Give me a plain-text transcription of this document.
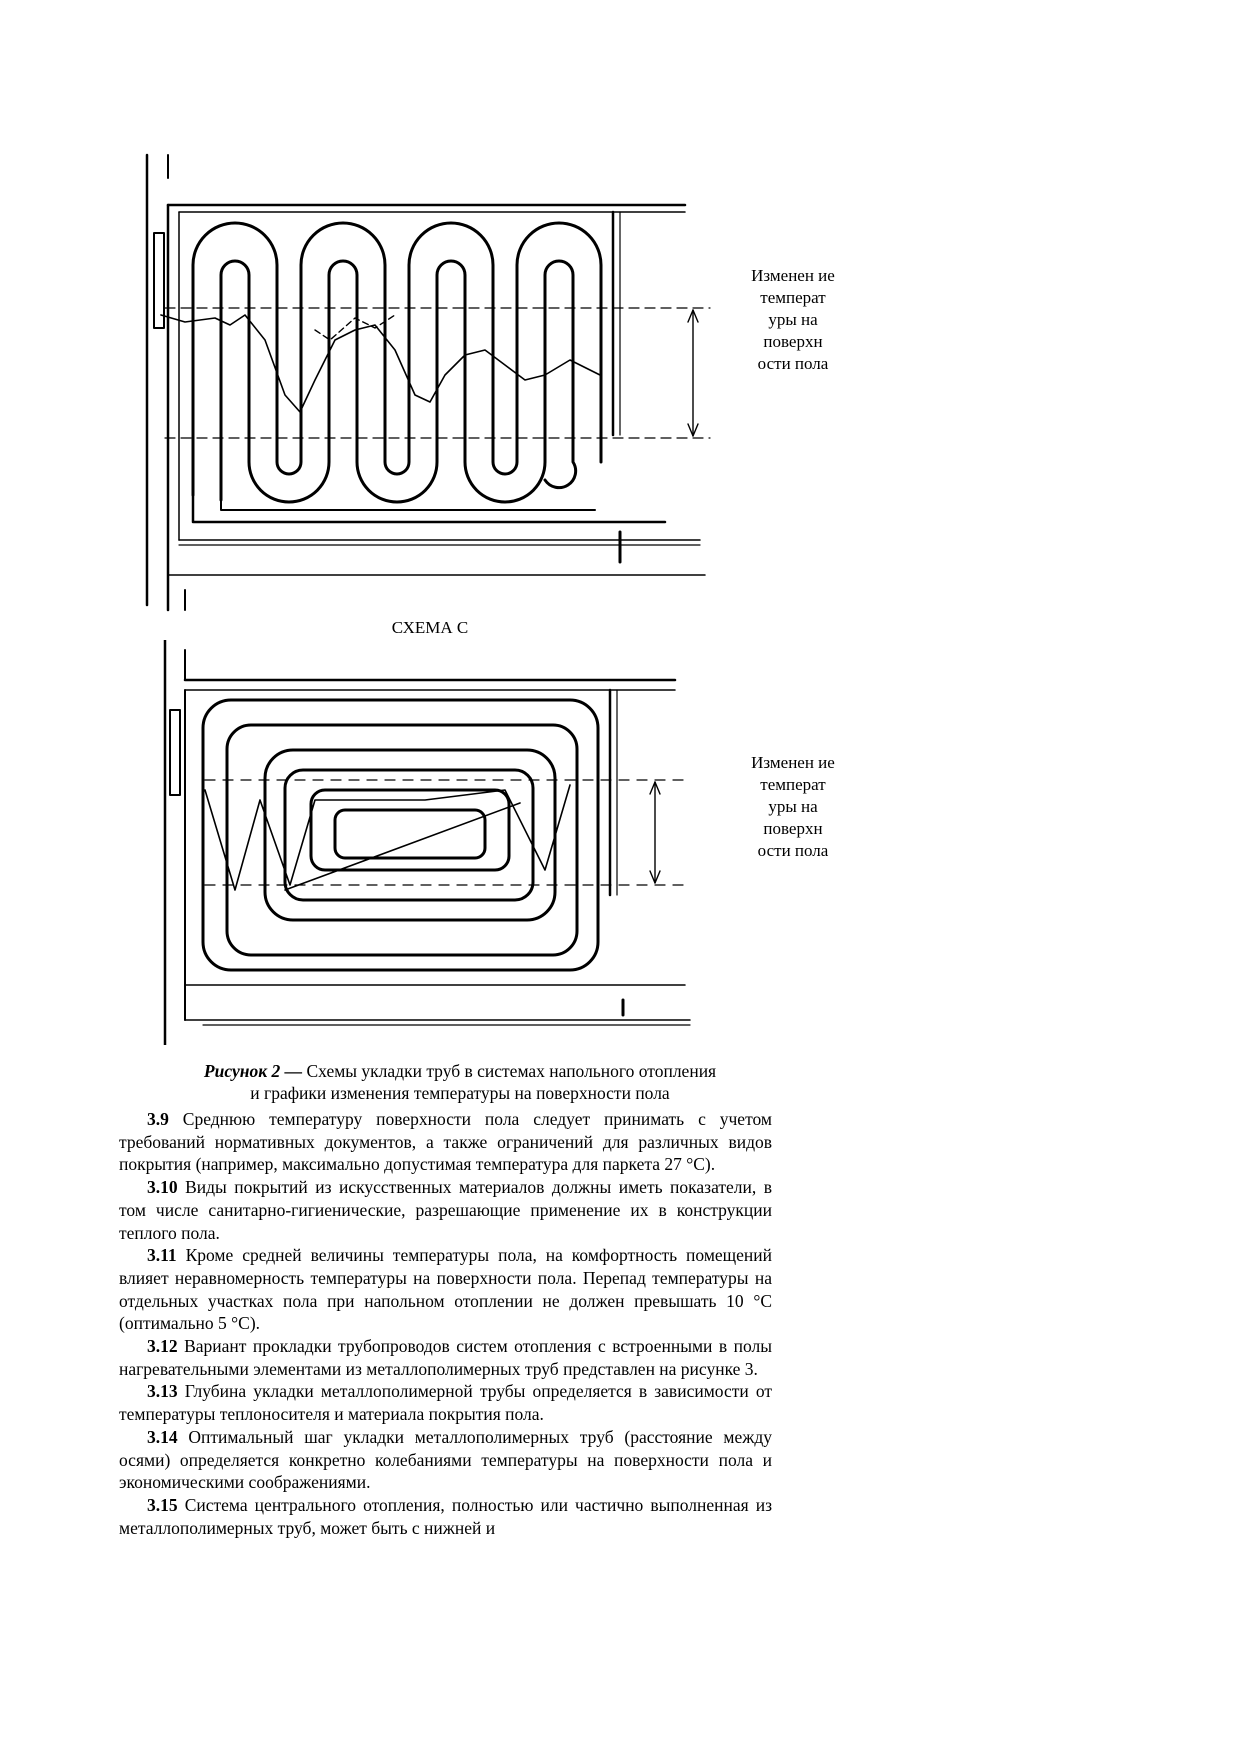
Изменен ие температ уры на поверхн ости пола
СХЕМА С
Изменен ие температ уры на поверхн ости пола
Рисунок 2 — Схемы укладки труб в системах напольного отопления
и графики изменения температуры на поверхности пола

3.9 Среднюю температуру поверхности пола следует принимать с учетом требований нормативных документов, а также ограничений для различных видов покрытия (например, максимально допустимая температура для паркета 27 °С).

3.10 Виды покрытий из искусственных материалов должны иметь показатели, в том числе санитарно-гигиенические, разрешающие применение их в конструкции теплого пола.

3.11 Кроме средней величины температуры пола, на комфортность помещений влияет неравномерность температуры на поверхности пола. Перепад температуры на отдельных участках пола при напольном отоплении не должен превышать 10 °С (оптимально 5 °С).

3.12 Вариант прокладки трубопроводов систем отопления с встроенными в полы нагревательными элементами из металлополимерных труб представлен на рисунке 3.

3.13 Глубина укладки металлополимерной трубы определяется в зависимости от температуры теплоносителя и материала покрытия пола.

3.14 Оптимальный шаг укладки металлополимерных труб (расстояние между осями) определяется конкретно колебаниями температуры на поверхности пола и экономическими соображениями.

3.15 Система центрального отопления, полностью или частично выполненная из металлополимерных труб, может быть с нижней и
